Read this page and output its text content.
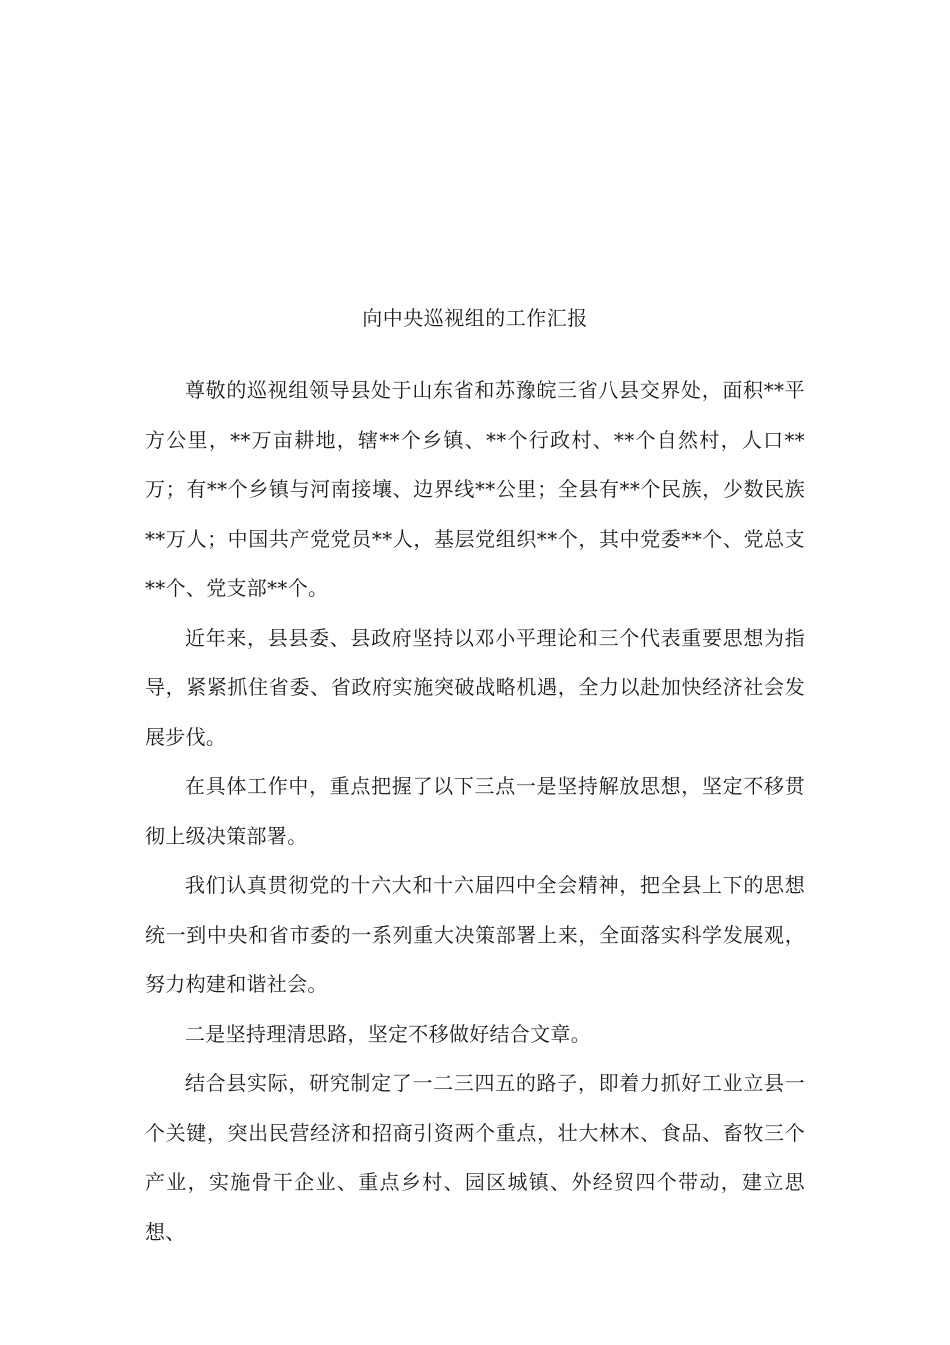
向中央巡视组的工作汇报

尊敬的巡视组领导县处于山东省和苏豫皖三省八县交界处，面积**平方公里，**万亩耕地，辖**个乡镇、**个行政村、**个自然村，人口**万；有**个乡镇与河南接壤、边界线**公里；全县有**个民族，少数民族**万人；中国共产党党员**人，基层党组织**个，其中党委**个、党总支**个、党支部**个。

近年来，县县委、县政府坚持以邓小平理论和三个代表重要思想为指导，紧紧抓住省委、省政府实施突破战略机遇，全力以赴加快经济社会发展步伐。

在具体工作中，重点把握了以下三点一是坚持解放思想，坚定不移贯彻上级决策部署。

我们认真贯彻党的十六大和十六届四中全会精神，把全县上下的思想统一到中央和省市委的一系列重大决策部署上来，全面落实科学发展观，努力构建和谐社会。

二是坚持理清思路，坚定不移做好结合文章。

结合县实际，研究制定了一二三四五的路子，即着力抓好工业立县一个关键，突出民营经济和招商引资两个重点，壮大林木、食品、畜牧三个产业，实施骨干企业、重点乡村、园区城镇、外经贸四个带动，建立思想、
